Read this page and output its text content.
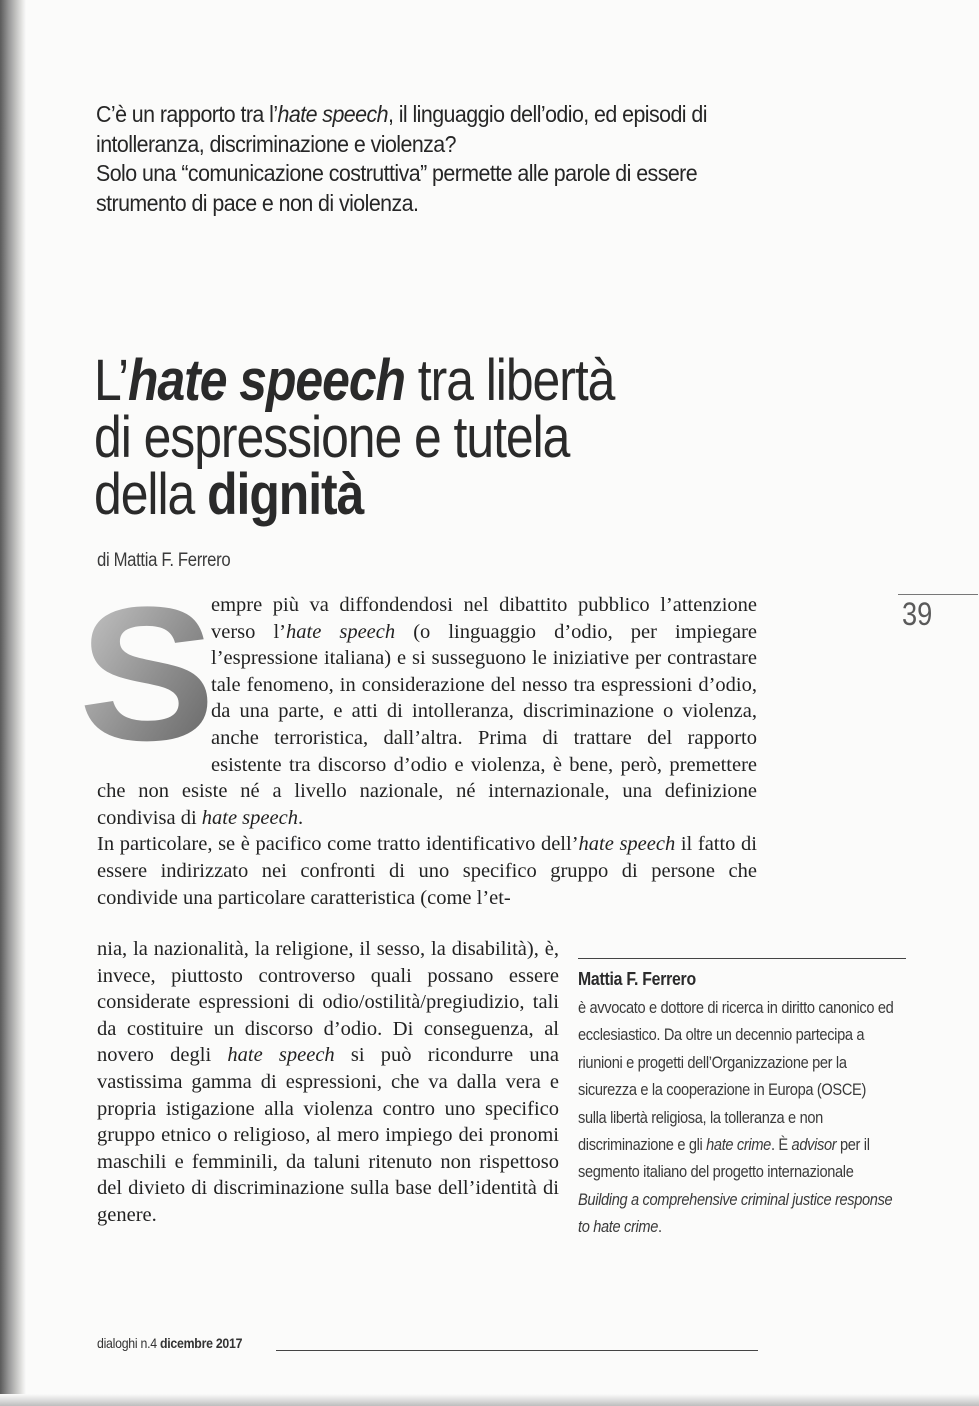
C’è un rapporto tra l’hate speech, il linguaggio dell’odio, ed episodi di intolleranza, discriminazione e violenza?

Solo una “comunicazione costruttiva” permette alle parole di essere strumento di pace e non di violenza.

L’hate speech tra libertà di espressione e tutela della dignità
di Mattia F. Ferrero
39
S

empre più va diffondendosi nel dibattito pubblico l’attenzione verso l’hate speech (o linguaggio d’odio, per impiegare l’espressione italiana) e si susseguono le iniziative per contrastare tale fenomeno, in considerazione del nesso tra espressioni d’odio, da una parte, e atti di intolleranza, discriminazione o violenza, anche terroristica, dall’altra. Prima di trattare del rapporto esistente tra discorso d’odio e violenza, è bene, però, premettere che non esiste né a livello nazionale, né internazionale, una definizione condivisa di hate speech.

In particolare, se è pacifico come tratto identificativo dell’hate speech il fatto di essere indirizzato nei confronti di uno specifico gruppo di persone che condivide una particolare caratteristica (come l’et-

nia, la nazionalità, la religione, il sesso, la disabilità), è, invece, piuttosto controverso quali possano essere considerate espressioni di odio/ostilità/pregiudizio, tali da costituire un discorso d’odio. Di conseguenza, al novero degli hate speech si può ricondurre una vastissima gamma di espressioni, che va dalla vera e propria istigazione alla violenza contro uno specifico gruppo etnico o religioso, al mero impiego dei pronomi maschili e femminili, da taluni ritenuto non rispettoso del divieto di discriminazione sulla base dell’identità di genere.

Mattia F. Ferrero
è avvocato e dottore di ricerca in diritto canonico ed ecclesiastico. Da oltre un decennio partecipa a riunioni e progetti dell’Organizzazione per la sicurezza e la cooperazione in Europa (OSCE) sulla libertà religiosa, la tolleranza e non discriminazione e gli hate crime. È advisor per il segmento italiano del progetto internazionale Building a comprehensive criminal justice response to hate crime.
dialoghi n.4 dicembre 2017
